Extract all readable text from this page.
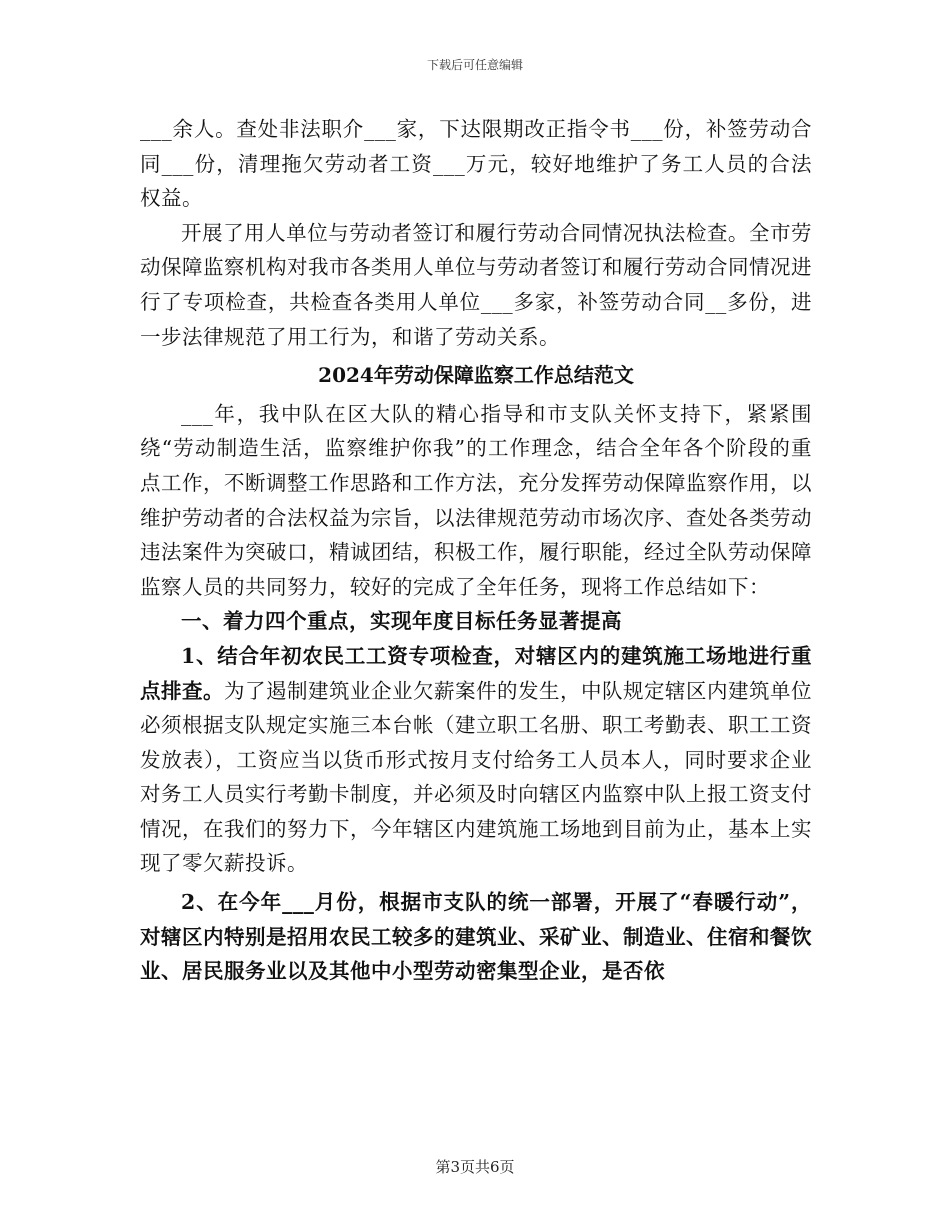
下载后可任意编辑

___余人。查处非法职介___家，下达限期改正指令书___份，补签劳动合同___份，清理拖欠劳动者工资___万元，较好地维护了务工人员的合法权益。

开展了用人单位与劳动者签订和履行劳动合同情况执法检查。全市劳动保障监察机构对我市各类用人单位与劳动者签订和履行劳动合同情况进行了专项检查，共检查各类用人单位___多家，补签劳动合同__多份，进一步法律规范了用工行为，和谐了劳动关系。

2024年劳动保障监察工作总结范文

___年，我中队在区大队的精心指导和市支队关怀支持下，紧紧围绕“劳动制造生活，监察维护你我”的工作理念，结合全年各个阶段的重点工作，不断调整工作思路和工作方法，充分发挥劳动保障监察作用，以维护劳动者的合法权益为宗旨，以法律规范劳动市场次序、查处各类劳动违法案件为突破口，精诚团结，积极工作，履行职能，经过全队劳动保障监察人员的共同努力，较好的完成了全年任务，现将工作总结如下：

一、着力四个重点，实现年度目标任务显著提高

1、结合年初农民工工资专项检查，对辖区内的建筑施工场地进行重点排查。为了遏制建筑业企业欠薪案件的发生，中队规定辖区内建筑单位必须根据支队规定实施三本台帐（建立职工名册、职工考勤表、职工工资发放表），工资应当以货币形式按月支付给务工人员本人，同时要求企业对务工人员实行考勤卡制度，并必须及时向辖区内监察中队上报工资支付情况，在我们的努力下，今年辖区内建筑施工场地到目前为止，基本上实现了零欠薪投诉。

2、在今年___月份，根据市支队的统一部署，开展了“春暖行动”，对辖区内特别是招用农民工较多的建筑业、采矿业、制造业、住宿和餐饮业、居民服务业以及其他中小型劳动密集型企业，是否依

第3页共6页
